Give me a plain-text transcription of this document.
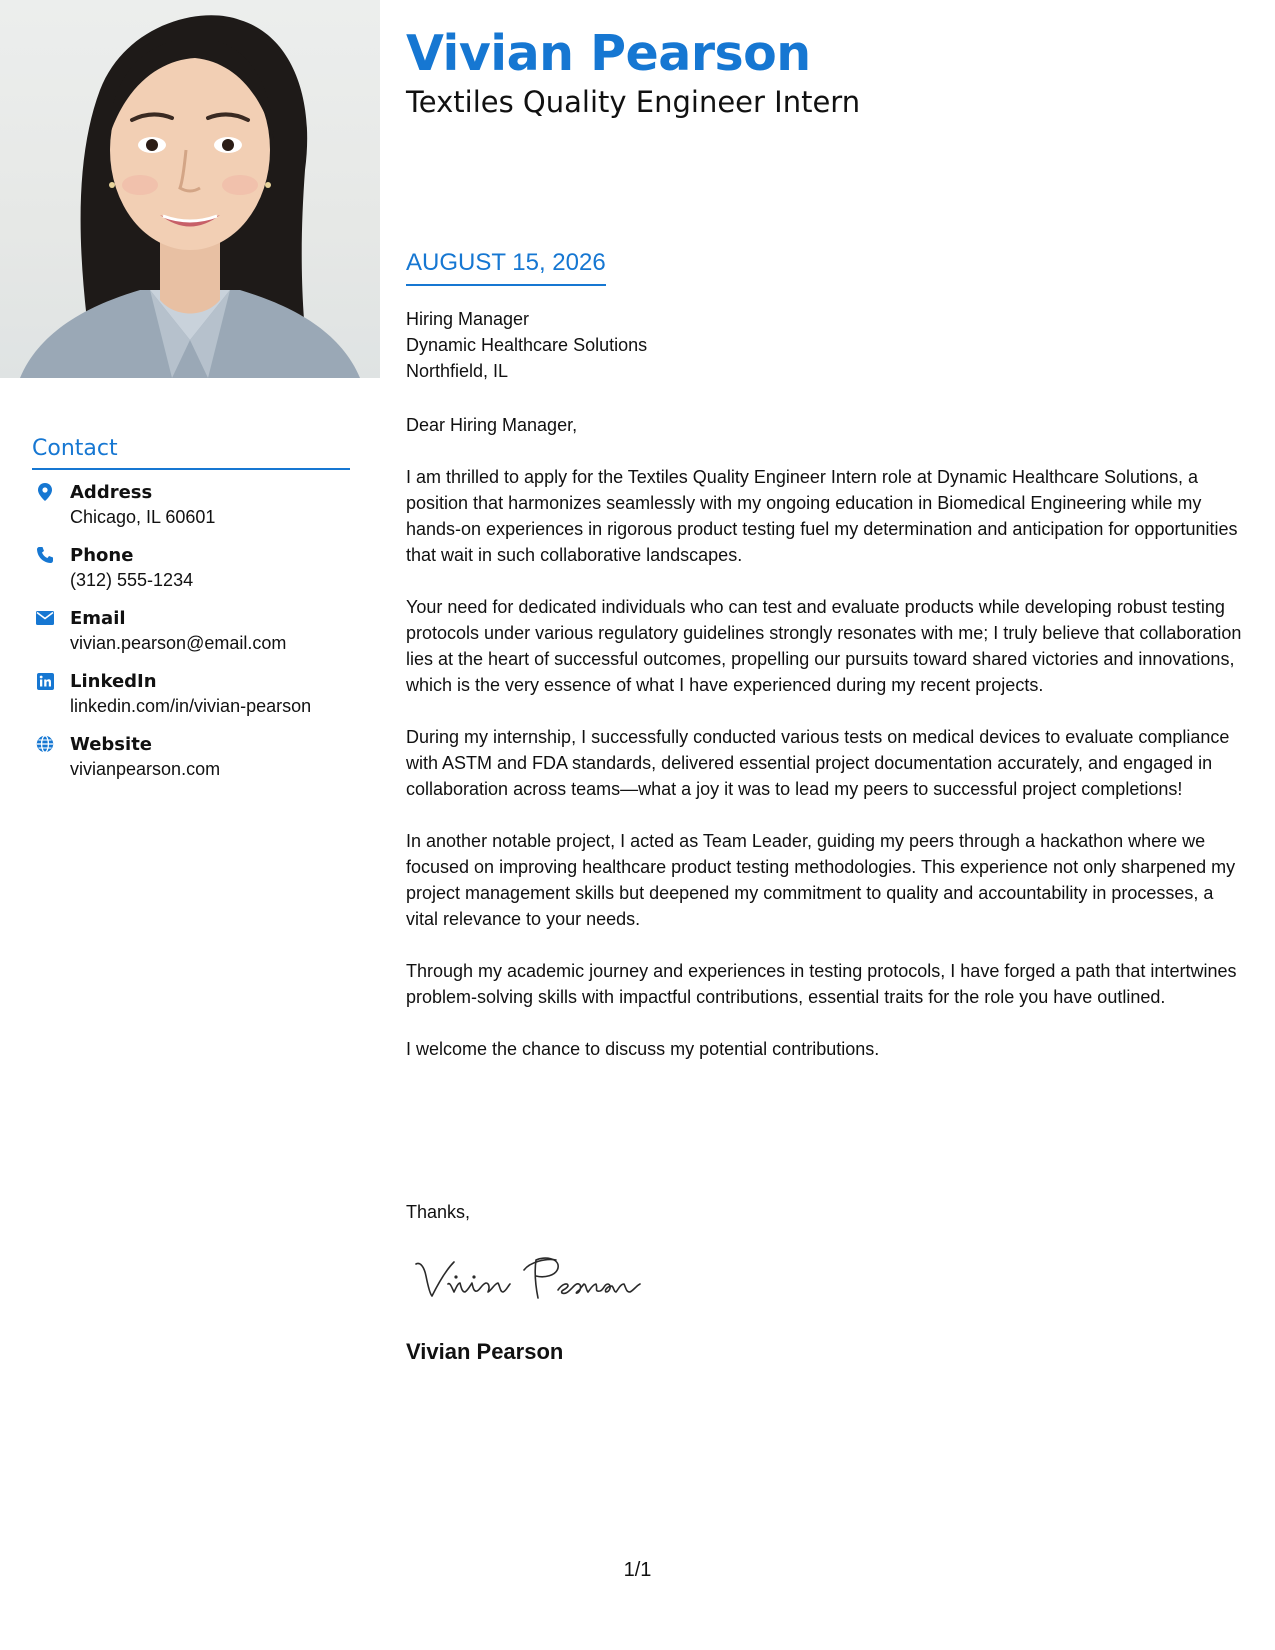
Contact
Address
Chicago, IL 60601
Phone
(312) 555-1234
Email
vivian.pearson@email.com
LinkedIn
linkedin.com/in/vivian-pearson
Website
vivianpearson.com
Vivian Pearson
Textiles Quality Engineer Intern
AUGUST 15, 2026
Hiring Manager
Dynamic Healthcare Solutions
Northfield, IL

Dear Hiring Manager,

I am thrilled to apply for the Textiles Quality Engineer Intern role at Dynamic Healthcare Solutions, a position that harmonizes seamlessly with my ongoing education in Biomedical Engineering while my hands-on experiences in rigorous product testing fuel my determination and anticipation for opportunities that wait in such collaborative landscapes.

Your need for dedicated individuals who can test and evaluate products while developing robust testing protocols under various regulatory guidelines strongly resonates with me; I truly believe that collaboration lies at the heart of successful outcomes, propelling our pursuits toward shared victories and innovations, which is the very essence of what I have experienced during my recent projects.

During my internship, I successfully conducted various tests on medical devices to evaluate compliance with ASTM and FDA standards, delivered essential project documentation accurately, and engaged in collaboration across teams—what a joy it was to lead my peers to successful project completions!

In another notable project, I acted as Team Leader, guiding my peers through a hackathon where we focused on improving healthcare product testing methodologies. This experience not only sharpened my project management skills but deepened my commitment to quality and accountability in processes, a vital relevance to your needs.

Through my academic journey and experiences in testing protocols, I have forged a path that intertwines problem-solving skills with impactful contributions, essential traits for the role you have outlined.

I welcome the chance to discuss my potential contributions.

Thanks,
Vivian Pearson
1/1
